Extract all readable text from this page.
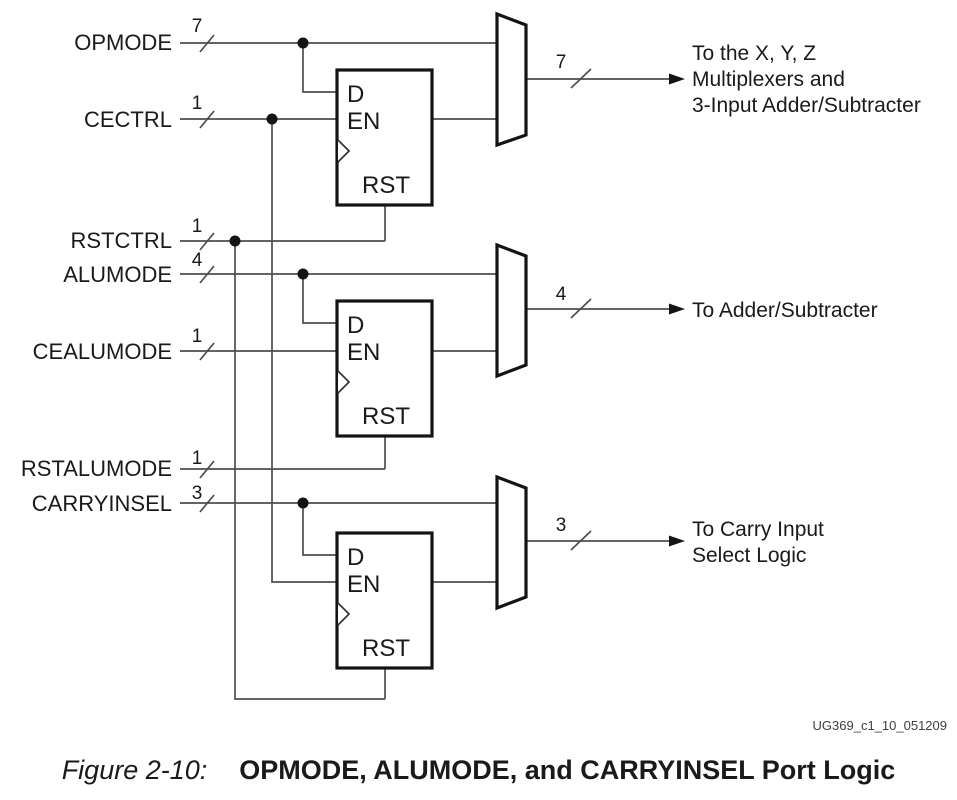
OPMODE
CECTRL
RSTCTRL
ALUMODE
CEALUMODE
RSTALUMODE
CARRYINSEL
7
1
1
4
1
1
3
D
EN
RST
D
EN
RST
D
EN
RST
7
4
3
To the X, Y, Z
Multiplexers and
3-Input Adder/Subtracter
To Adder/Subtracter
To Carry Input
Select Logic
UG369_c1_10_051209
Figure 2-10: OPMODE, ALUMODE, and CARRYINSEL Port Logic
